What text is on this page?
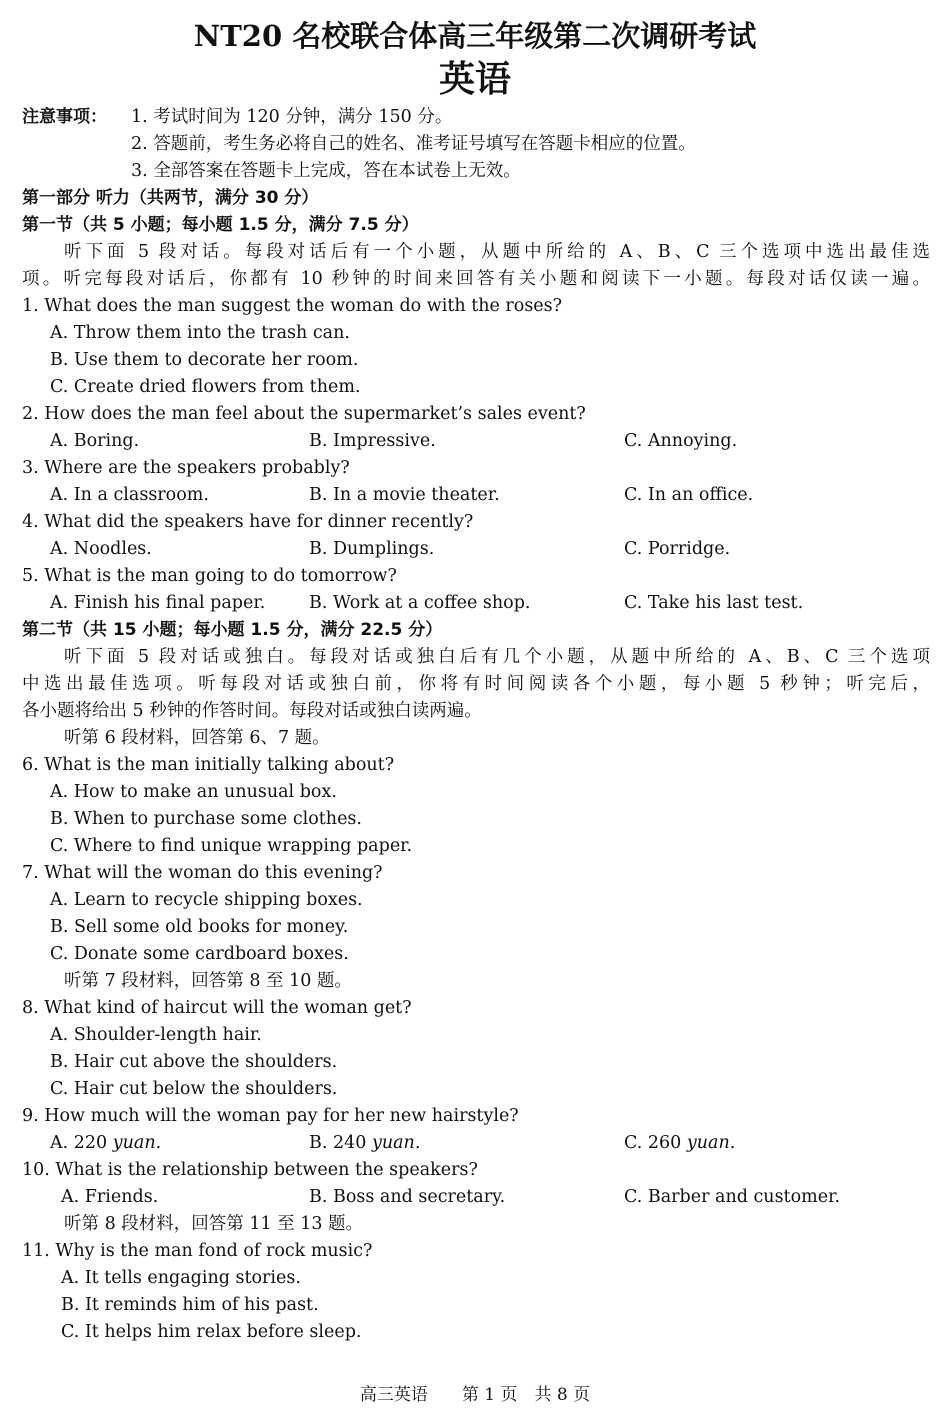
NT20 名校联合体高三年级第二次调研考试
英语
注意事项： 1. 考试时间为 120 分钟，满分 150 分。
2. 答题前，考生务必将自己的姓名、准考证号填写在答题卡相应的位置。
3. 全部答案在答题卡上完成，答在本试卷上无效。
第一部分 听力（共两节，满分 30 分）
第一节（共 5 小题；每小题 1.5 分，满分 7.5 分）
听下面 5 段对话。每段对话后有一个小题，从题中所给的 A、B、C 三个选项中选出最佳选
项。听完每段对话后，你都有 10 秒钟的时间来回答有关小题和阅读下一小题。每段对话仅读一遍。
1. What does the man suggest the woman do with the roses?
A. Throw them into the trash can.
B. Use them to decorate her room.
C. Create dried flowers from them.
2. How does the man feel about the supermarket’s sales event?
A. Boring.	B. Impressive.	C. Annoying.
3. Where are the speakers probably?
A. In a classroom.	B. In a movie theater.	C. In an office.
4. What did the speakers have for dinner recently?
A. Noodles.	B. Dumplings.	C. Porridge.
5. What is the man going to do tomorrow?
A. Finish his final paper. B. Work at a coffee shop.	C. Take his last test.
第二节（共 15 小题；每小题 1.5 分，满分 22.5 分）
听下面 5 段对话或独白。每段对话或独白后有几个小题，从题中所给的 A、B、C 三个选项
中选出最佳选项。听每段对话或独白前，你将有时间阅读各个小题，每小题 5 秒钟；听完后，
各小题将给出 5 秒钟的作答时间。每段对话或独白读两遍。
听第 6 段材料，回答第 6、7 题。
6. What is the man initially talking about?
A. How to make an unusual box.
B. When to purchase some clothes.
C. Where to find unique wrapping paper.
7. What will the woman do this evening?
A. Learn to recycle shipping boxes.
B. Sell some old books for money.
C. Donate some cardboard boxes.
听第 7 段材料，回答第 8 至 10 题。
8. What kind of haircut will the woman get?
A. Shoulder-length hair.
B. Hair cut above the shoulders.
C. Hair cut below the shoulders.
9. How much will the woman pay for her new hairstyle?
A. 220 yuan.	B. 240 yuan.	C. 260 yuan.
10. What is the relationship between the speakers?
A. Friends.	B. Boss and secretary.	C. Barber and customer.
听第 8 段材料，回答第 11 至 13 题。
11. Why is the man fond of rock music?
A. It tells engaging stories.
B. It reminds him of his past.
C. It helps him relax before sleep.
高三英语　　第 1 页　共 8 页
